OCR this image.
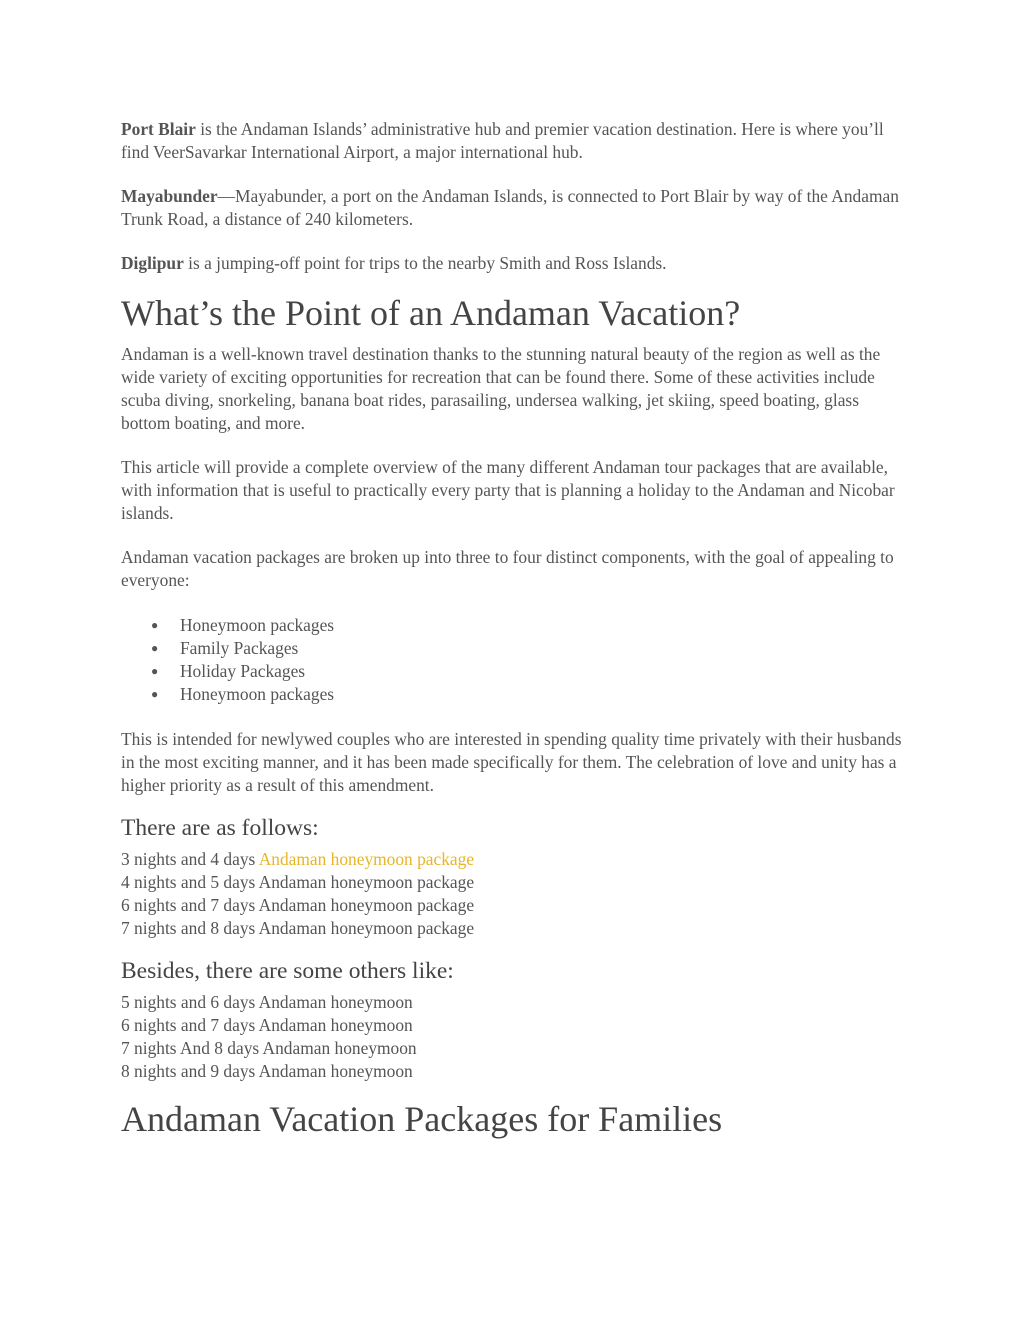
Port Blair is the Andaman Islands’ administrative hub and premier vacation destination. Here is where you’ll find VeerSavarkar International Airport, a major international hub.

Mayabunder—Mayabunder, a port on the Andaman Islands, is connected to Port Blair by way of the Andaman Trunk Road, a distance of 240 kilometers.

Diglipur is a jumping-off point for trips to the nearby Smith and Ross Islands.

What’s the Point of an Andaman Vacation?

Andaman is a well-known travel destination thanks to the stunning natural beauty of the region as well as the wide variety of exciting opportunities for recreation that can be found there. Some of these activities include scuba diving, snorkeling, banana boat rides, parasailing, undersea walking, jet skiing, speed boating, glass bottom boating, and more.

This article will provide a complete overview of the many different Andaman tour packages that are available, with information that is useful to practically every party that is planning a holiday to the Andaman and Nicobar islands.

Andaman vacation packages are broken up into three to four distinct components, with the goal of appealing to everyone:

● Honeymoon packages
● Family Packages
● Holiday Packages
● Honeymoon packages

This is intended for newlywed couples who are interested in spending quality time privately with their husbands in the most exciting manner, and it has been made specifically for them. The celebration of love and unity has a higher priority as a result of this amendment.

There are as follows:
3 nights and 4 days Andaman honeymoon package
4 nights and 5 days Andaman honeymoon package
6 nights and 7 days Andaman honeymoon package
7 nights and 8 days Andaman honeymoon package
Besides, there are some others like:
5 nights and 6 days Andaman honeymoon
6 nights and 7 days Andaman honeymoon
7 nights And 8 days Andaman honeymoon
8 nights and 9 days Andaman honeymoon
Andaman Vacation Packages for Families
